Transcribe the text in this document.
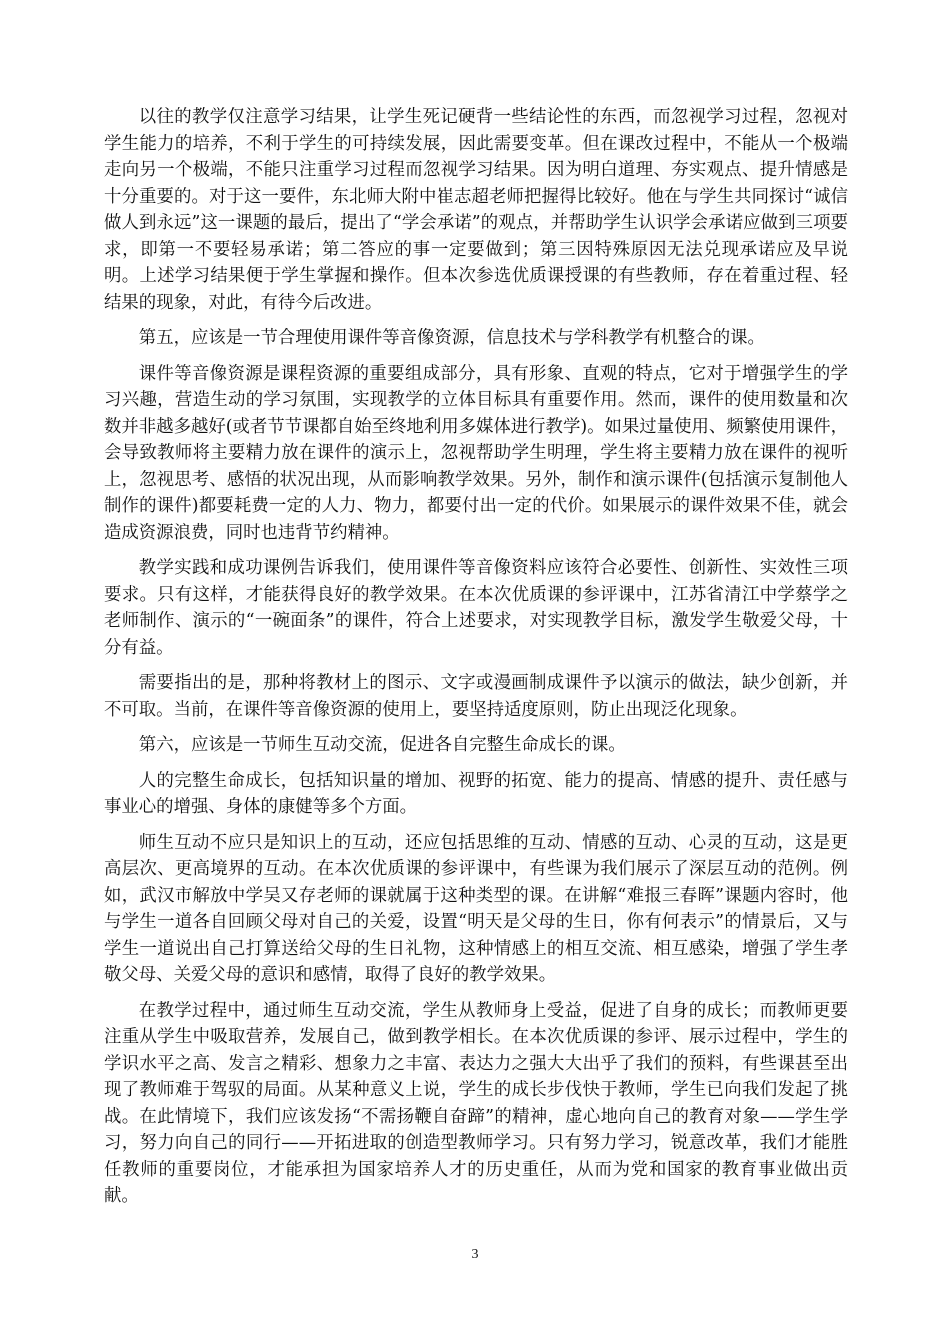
以往的教学仅注意学习结果，让学生死记硬背一些结论性的东西，而忽视学习过程，忽视对学生能力的培养，不利于学生的可持续发展，因此需要变革。但在课改过程中，不能从一个极端走向另一个极端，不能只注重学习过程而忽视学习结果。因为明白道理、夯实观点、提升情感是十分重要的。对于这一要件，东北师大附中崔志超老师把握得比较好。他在与学生共同探讨“诚信做人到永远”这一课题的最后，提出了“学会承诺”的观点，并帮助学生认识学会承诺应做到三项要求，即第一不要轻易承诺；第二答应的事一定要做到；第三因特殊原因无法兑现承诺应及早说明。上述学习结果便于学生掌握和操作。但本次参选优质课授课的有些教师，存在着重过程、轻结果的现象，对此，有待今后改进。

第五，应该是一节合理使用课件等音像资源，信息技术与学科教学有机整合的课。

课件等音像资源是课程资源的重要组成部分，具有形象、直观的特点，它对于增强学生的学习兴趣，营造生动的学习氛围，实现教学的立体目标具有重要作用。然而，课件的使用数量和次数并非越多越好(或者节节课都自始至终地利用多媒体进行教学)。如果过量使用、频繁使用课件，会导致教师将主要精力放在课件的演示上，忽视帮助学生明理，学生将主要精力放在课件的视听上，忽视思考、感悟的状况出现，从而影响教学效果。另外，制作和演示课件(包括演示复制他人制作的课件)都要耗费一定的人力、物力，都要付出一定的代价。如果展示的课件效果不佳，就会造成资源浪费，同时也违背节约精神。

教学实践和成功课例告诉我们，使用课件等音像资料应该符合必要性、创新性、实效性三项要求。只有这样，才能获得良好的教学效果。在本次优质课的参评课中，江苏省清江中学蔡学之老师制作、演示的“一碗面条”的课件，符合上述要求，对实现教学目标，激发学生敬爱父母，十分有益。

需要指出的是，那种将教材上的图示、文字或漫画制成课件予以演示的做法，缺少创新，并不可取。当前，在课件等音像资源的使用上，要坚持适度原则，防止出现泛化现象。

第六，应该是一节师生互动交流，促进各自完整生命成长的课。

人的完整生命成长，包括知识量的增加、视野的拓宽、能力的提高、情感的提升、责任感与事业心的增强、身体的康健等多个方面。

师生互动不应只是知识上的互动，还应包括思维的互动、情感的互动、心灵的互动，这是更高层次、更高境界的互动。在本次优质课的参评课中，有些课为我们展示了深层互动的范例。例如，武汉市解放中学吴又存老师的课就属于这种类型的课。在讲解“难报三春晖”课题内容时，他与学生一道各自回顾父母对自己的关爱，设置“明天是父母的生日，你有何表示”的情景后，又与学生一道说出自己打算送给父母的生日礼物，这种情感上的相互交流、相互感染，增强了学生孝敬父母、关爱父母的意识和感情，取得了良好的教学效果。

在教学过程中，通过师生互动交流，学生从教师身上受益，促进了自身的成长；而教师更要注重从学生中吸取营养，发展自己，做到教学相长。在本次优质课的参评、展示过程中，学生的学识水平之高、发言之精彩、想象力之丰富、表达力之强大大出乎了我们的预料，有些课甚至出现了教师难于驾驭的局面。从某种意义上说，学生的成长步伐快于教师，学生已向我们发起了挑战。在此情境下，我们应该发扬“不需扬鞭自奋蹄”的精神，虚心地向自己的教育对象——学生学习，努力向自己的同行——开拓进取的创造型教师学习。只有努力学习，锐意改革，我们才能胜任教师的重要岗位，才能承担为国家培养人才的历史重任，从而为党和国家的教育事业做出贡献。

3
